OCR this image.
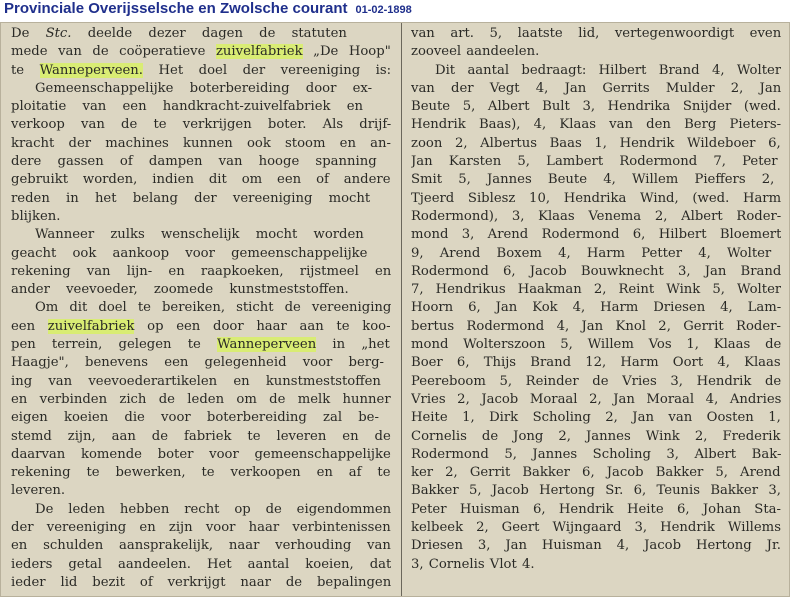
Provinciale Overijsselsche en Zwolsche courant 01-02-1898
De Stc. deelde dezer dagen de statuten
mede van de coöperatieve zuivelfabriek „De Hoop"
te Wanneperveen. Het doel der vereeniging is:
Gemeenschappelijke boterbereiding door ex-
ploitatie van een handkracht-zuivelfabriek en
verkoop van de te verkrijgen boter. Als drijf-
kracht der machines kunnen ook stoom en an-
dere gassen of dampen van hooge spanning
gebruikt worden, indien dit om een of andere
reden in het belang der vereeniging mocht
blijken.
Wanneer zulks wenschelijk mocht worden
geacht ook aankoop voor gemeenschappelijke
rekening van lijn- en raapkoeken, rijstmeel en
ander veevoeder, zoomede kunstmeststoffen.
Om dit doel te bereiken, sticht de vereeniging
een zuivelfabriek op een door haar aan te koo-
pen terrein, gelegen te Wanneperveen in „het
Haagje", benevens een gelegenheid voor berg-
ing van veevoederartikelen en kunstmeststoffen
en verbinden zich de leden om de melk hunner
eigen koeien die voor boterbereiding zal be-
stemd zijn, aan de fabriek te leveren en de
daarvan komende boter voor gemeenschappelijke
rekening te bewerken, te verkoopen en af te
leveren.
De leden hebben recht op de eigendommen
der vereeniging en zijn voor haar verbintenissen
en schulden aansprakelijk, naar verhouding van
ieders getal aandeelen. Het aantal koeien, dat
ieder lid bezit of verkrijgt naar de bepalingen
van art. 5, laatste lid, vertegenwoordigt even
zooveel aandeelen.
Dit aantal bedraagt: Hilbert Brand 4, Wolter
van der Vegt 4, Jan Gerrits Mulder 2, Jan
Beute 5, Albert Bult 3, Hendrika Snijder (wed.
Hendrik Baas), 4, Klaas van den Berg Pieters-
zoon 2, Albertus Baas 1, Hendrik Wildeboer 6,
Jan Karsten 5, Lambert Rodermond 7, Peter
Smit 5, Jannes Beute 4, Willem Pieffers 2,
Tjeerd Siblesz 10, Hendrika Wind, (wed. Harm
Rodermond), 3, Klaas Venema 2, Albert Roder-
mond 3, Arend Rodermond 6, Hilbert Bloemert
9, Arend Boxem 4, Harm Petter 4, Wolter
Rodermond 6, Jacob Bouwknecht 3, Jan Brand
7, Hendrikus Haakman 2, Reint Wink 5, Wolter
Hoorn 6, Jan Kok 4, Harm Driesen 4, Lam-
bertus Rodermond 4, Jan Knol 2, Gerrit Roder-
mond Wolterszoon 5, Willem Vos 1, Klaas de
Boer 6, Thijs Brand 12, Harm Oort 4, Klaas
Peereboom 5, Reinder de Vries 3, Hendrik de
Vries 2, Jacob Moraal 2, Jan Moraal 4, Andries
Heite 1, Dirk Scholing 2, Jan van Oosten 1,
Cornelis de Jong 2, Jannes Wink 2, Frederik
Rodermond 5, Jannes Scholing 3, Albert Bak-
ker 2, Gerrit Bakker 6, Jacob Bakker 5, Arend
Bakker 5, Jacob Hertong Sr. 6, Teunis Bakker 3,
Peter Huisman 6, Hendrik Heite 6, Johan Sta-
kelbeek 2, Geert Wijngaard 3, Hendrik Willems
Driesen 3, Jan Huisman 4, Jacob Hertong Jr.
3, Cornelis Vlot 4.
